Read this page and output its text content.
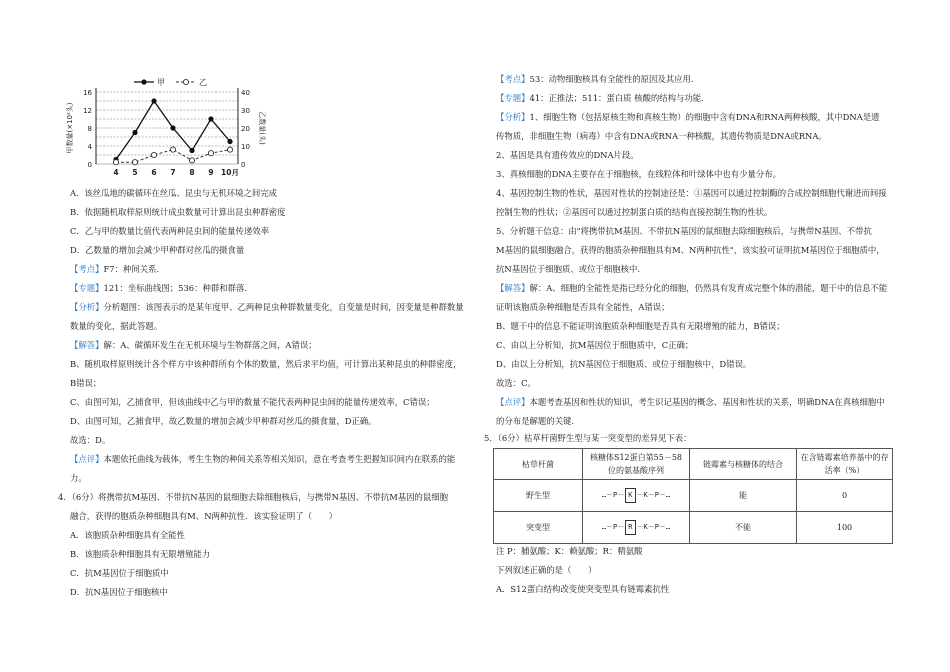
16
12
8
4
0
40
30
20
10
0
4 5 6 7 8 9 10月
甲数量(×10²头)	乙数量(头)
甲	乙
A．该丝瓜地的碳循环在丝瓜、昆虫与无机环境之间完成
B．依据随机取样原则统计成虫数量可计算出昆虫种群密度
C．乙与甲的数量比值代表两种昆虫间的能量传递效率
D．乙数量的增加会减少甲种群对丝瓜的摄食量
【考点】F7：种间关系.
【专题】121：坐标曲线图；536：种群和群落.
【分析】分析题图：该图表示的是某年度甲、乙两种昆虫种群数量变化，自变量是时间，因变量是种群数量
数量的变化，据此答题。
【解答】解：A、碳循环发生在无机环境与生物群落之间，A错误；
B、随机取样原则统计各个样方中该种群所有个体的数量，然后求平均值，可计算出某种昆虫的种群密度，
B错误；
C、由图可知，乙捕食甲，但该曲线中乙与甲的数量不能代表两种昆虫间的能量传递效率，C错误；
D、由图可知，乙捕食甲，故乙数量的增加会减少甲种群对丝瓜的摄食量，D正确。
故选：D。
【点评】本题依托曲线为载体，考生生物的种间关系等相关知识，意在考查考生把握知识间内在联系的能
力。
4．（6分）将携带抗M基因、不带抗N基因的鼠细胞去除细胞核后，与携带N基因、不带抗M基因的鼠细胞
融合，获得的胞质杂种细胞具有M、N两种抗性．该实验证明了（　　）
A．该胞质杂种细胞具有全能性
B．该胞质杂种细胞具有无限增殖能力
C．抗M基因位于细胞质中
D．抗N基因位于细胞核中
【考点】53：动物细胞核具有全能性的原因及其应用.
【专题】41：正推法；511：蛋白质 核酸的结构与功能.
【分析】1、细胞生物（包括原核生物和真核生物）的细胞中含有DNA和RNA两种核酸，其中DNA是遗
传物质，非细胞生物（病毒）中含有DNA或RNA一种核酸，其遗传物质是DNA或RNA。
2、基因是具有遗传效应的DNA片段。
3、真核细胞的DNA主要存在于细胞核，在线粒体和叶绿体中也有少量分布。
4、基因控制生物的性状，基因对性状的控制途径是：①基因可以通过控制酶的合成控制细胞代谢进而间接
控制生物的性状；②基因可以通过控制蛋白质的结构直接控制生物的性状。
5、分析题干信息：由"将携带抗M基因、不带抗N基因的鼠细胞去除细胞核后，与携带N基因、不带抗
M基因的鼠细胞融合，获得的胞质杂种细胞具有M、N两种抗性"，该实验可证明抗M基因位于细胞质中，
抗N基因位于细胞质、或位于细胞核中.
【解答】解：A、细胞的全能性是指已经分化的细胞，仍然具有发育成完整个体的潜能，题干中的信息不能
证明该胞质杂种细胞是否具有全能性，A错误；
B、题干中的信息不能证明该胞质杂种细胞是否具有无限增殖的能力，B错误；
C、由以上分析知，抗M基因位于细胞质中，C正确；
D、由以上分析知，抗N基因位于细胞质、或位于细胞核中，D错误。
故选：C。
【点评】本题考查基因和性状的知识，考生识记基因的概念、基因和性状的关系，明确DNA在真核细胞中
的分布是解题的关键.
5．（6分）枯草杆菌野生型与某一突变型的差异见下表：
枯草杆菌	核糖体S12蛋白第55－58位的氨基酸序列	链霉素与核糖体的结合	在含链霉素培养基中的存活率（%）
野生型	…－P－ K －K－P－…	能	0
突变型	…－P－ R －K－P－…	不能	100
注 P：脯氨酸；K：赖氨酸；R：精氨酸
下列叙述正确的是（　　）
A．S12蛋白结构改变使突变型具有链霉素抗性
